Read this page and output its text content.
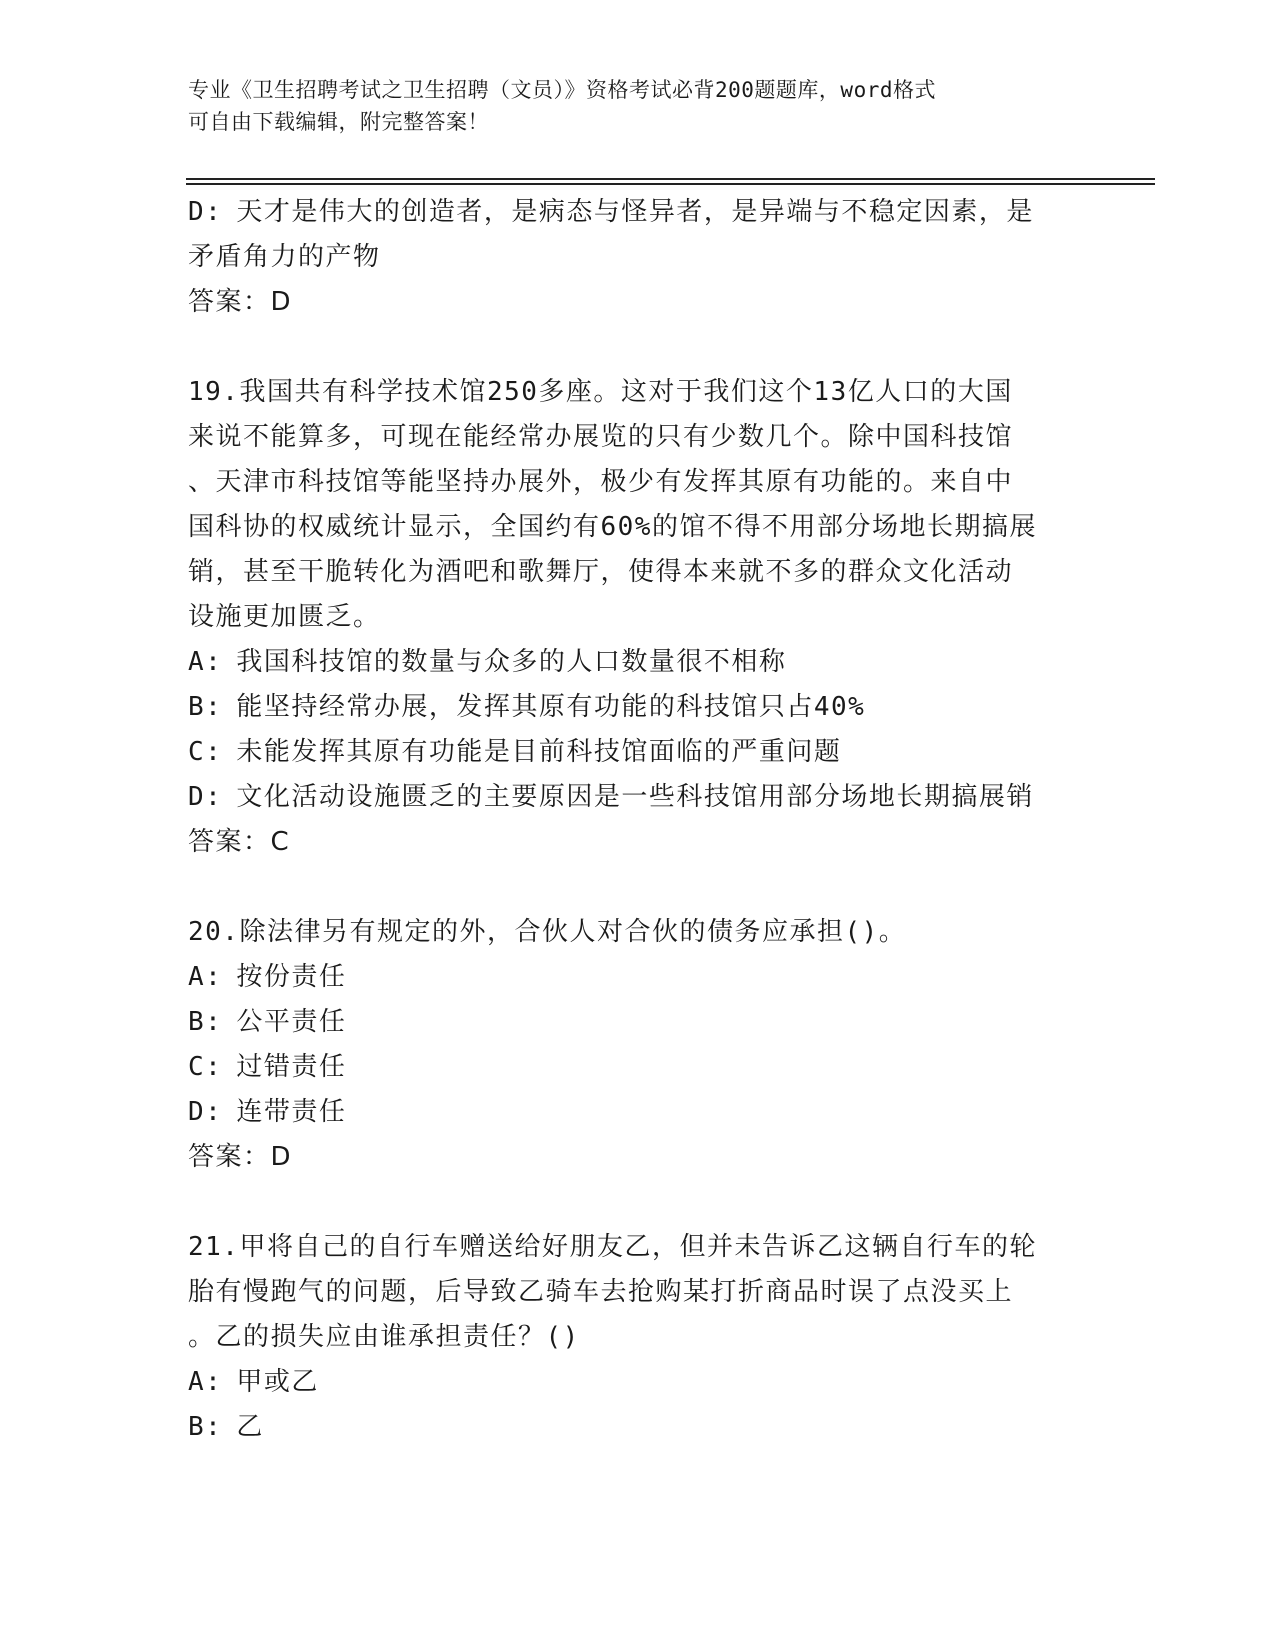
专业《卫生招聘考试之卫生招聘（文员）》资格考试必背200题题库，word格式
可自由下载编辑，附完整答案！

D: 天才是伟大的创造者，是病态与怪异者，是异端与不稳定因素，是

矛盾角力的产物

答案：D

19.我国共有科学技术馆250多座。这对于我们这个13亿人口的大国

来说不能算多，可现在能经常办展览的只有少数几个。除中国科技馆

、天津市科技馆等能坚持办展外，极少有发挥其原有功能的。来自中

国科协的权威统计显示，全国约有60%的馆不得不用部分场地长期搞展

销，甚至干脆转化为酒吧和歌舞厅，使得本来就不多的群众文化活动

设施更加匮乏。

A: 我国科技馆的数量与众多的人口数量很不相称

B: 能坚持经常办展，发挥其原有功能的科技馆只占40%

C: 未能发挥其原有功能是目前科技馆面临的严重问题

D: 文化活动设施匮乏的主要原因是一些科技馆用部分场地长期搞展销

答案：C

20.除法律另有规定的外，合伙人对合伙的债务应承担()。

A: 按份责任

B: 公平责任

C: 过错责任

D: 连带责任

答案：D

21.甲将自己的自行车赠送给好朋友乙，但并未告诉乙这辆自行车的轮

胎有慢跑气的问题，后导致乙骑车去抢购某打折商品时误了点没买上

。乙的损失应由谁承担责任？()

A: 甲或乙

B: 乙
